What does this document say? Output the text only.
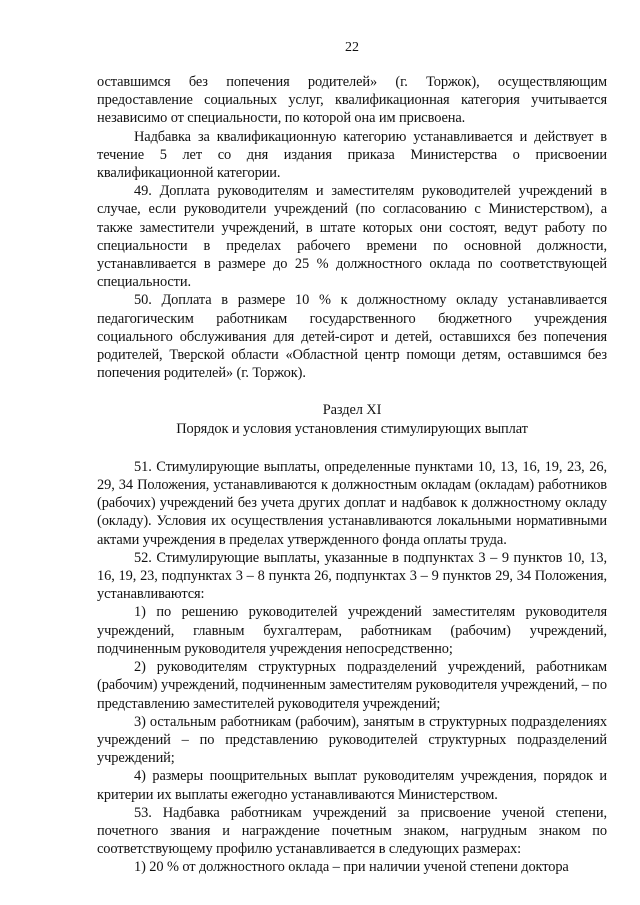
22

оставшимся без попечения родителей» (г. Торжок), осуществляющим предоставление социальных услуг, квалификационная категория учитывается независимо от специальности, по которой она им присвоена.

Надбавка за квалификационную категорию устанавливается и действует в течение 5 лет со дня издания приказа Министерства о присвоении квалификационной категории.

49. Доплата руководителям и заместителям руководителей учреждений в случае, если руководители учреждений (по согласованию с Министерством), а также заместители учреждений, в штате которых они состоят, ведут работу по специальности в пределах рабочего времени по основной должности, устанавливается в размере до 25 % должностного оклада по соответствующей специальности.

50. Доплата в размере 10 % к должностному окладу устанавливается педагогическим работникам государственного бюджетного учреждения социального обслуживания для детей-сирот и детей, оставшихся без попечения родителей, Тверской области «Областной центр помощи детям, оставшимся без попечения родителей» (г. Торжок).

Раздел XI

Порядок и условия установления стимулирующих выплат

51. Стимулирующие выплаты, определенные пунктами 10, 13, 16, 19, 23, 26, 29, 34 Положения, устанавливаются к должностным окладам (окладам) работников (рабочих) учреждений без учета других доплат и надбавок к должностному окладу (окладу). Условия их осуществления устанавливаются локальными нормативными актами учреждения в пределах утвержденного фонда оплаты труда.

52. Стимулирующие выплаты, указанные в подпунктах 3 – 9 пунктов 10, 13, 16, 19, 23, подпунктах 3 – 8 пункта 26, подпунктах 3 – 9 пунктов 29, 34 Положения, устанавливаются:

1) по решению руководителей учреждений заместителям руководителя учреждений, главным бухгалтерам, работникам (рабочим) учреждений, подчиненным руководителя учреждения непосредственно;

2) руководителям структурных подразделений учреждений, работникам (рабочим) учреждений, подчиненным заместителям руководителя учреждений, – по представлению заместителей руководителя учреждений;

3) остальным работникам (рабочим), занятым в структурных подразделениях учреждений – по представлению руководителей структурных подразделений учреждений;

4) размеры поощрительных выплат руководителям учреждения, порядок и критерии их выплаты ежегодно устанавливаются Министерством.

53. Надбавка работникам учреждений за присвоение ученой степени, почетного звания и награждение почетным знаком, нагрудным знаком по соответствующему профилю устанавливается в следующих размерах:

1) 20 % от должностного оклада – при наличии ученой степени доктора
